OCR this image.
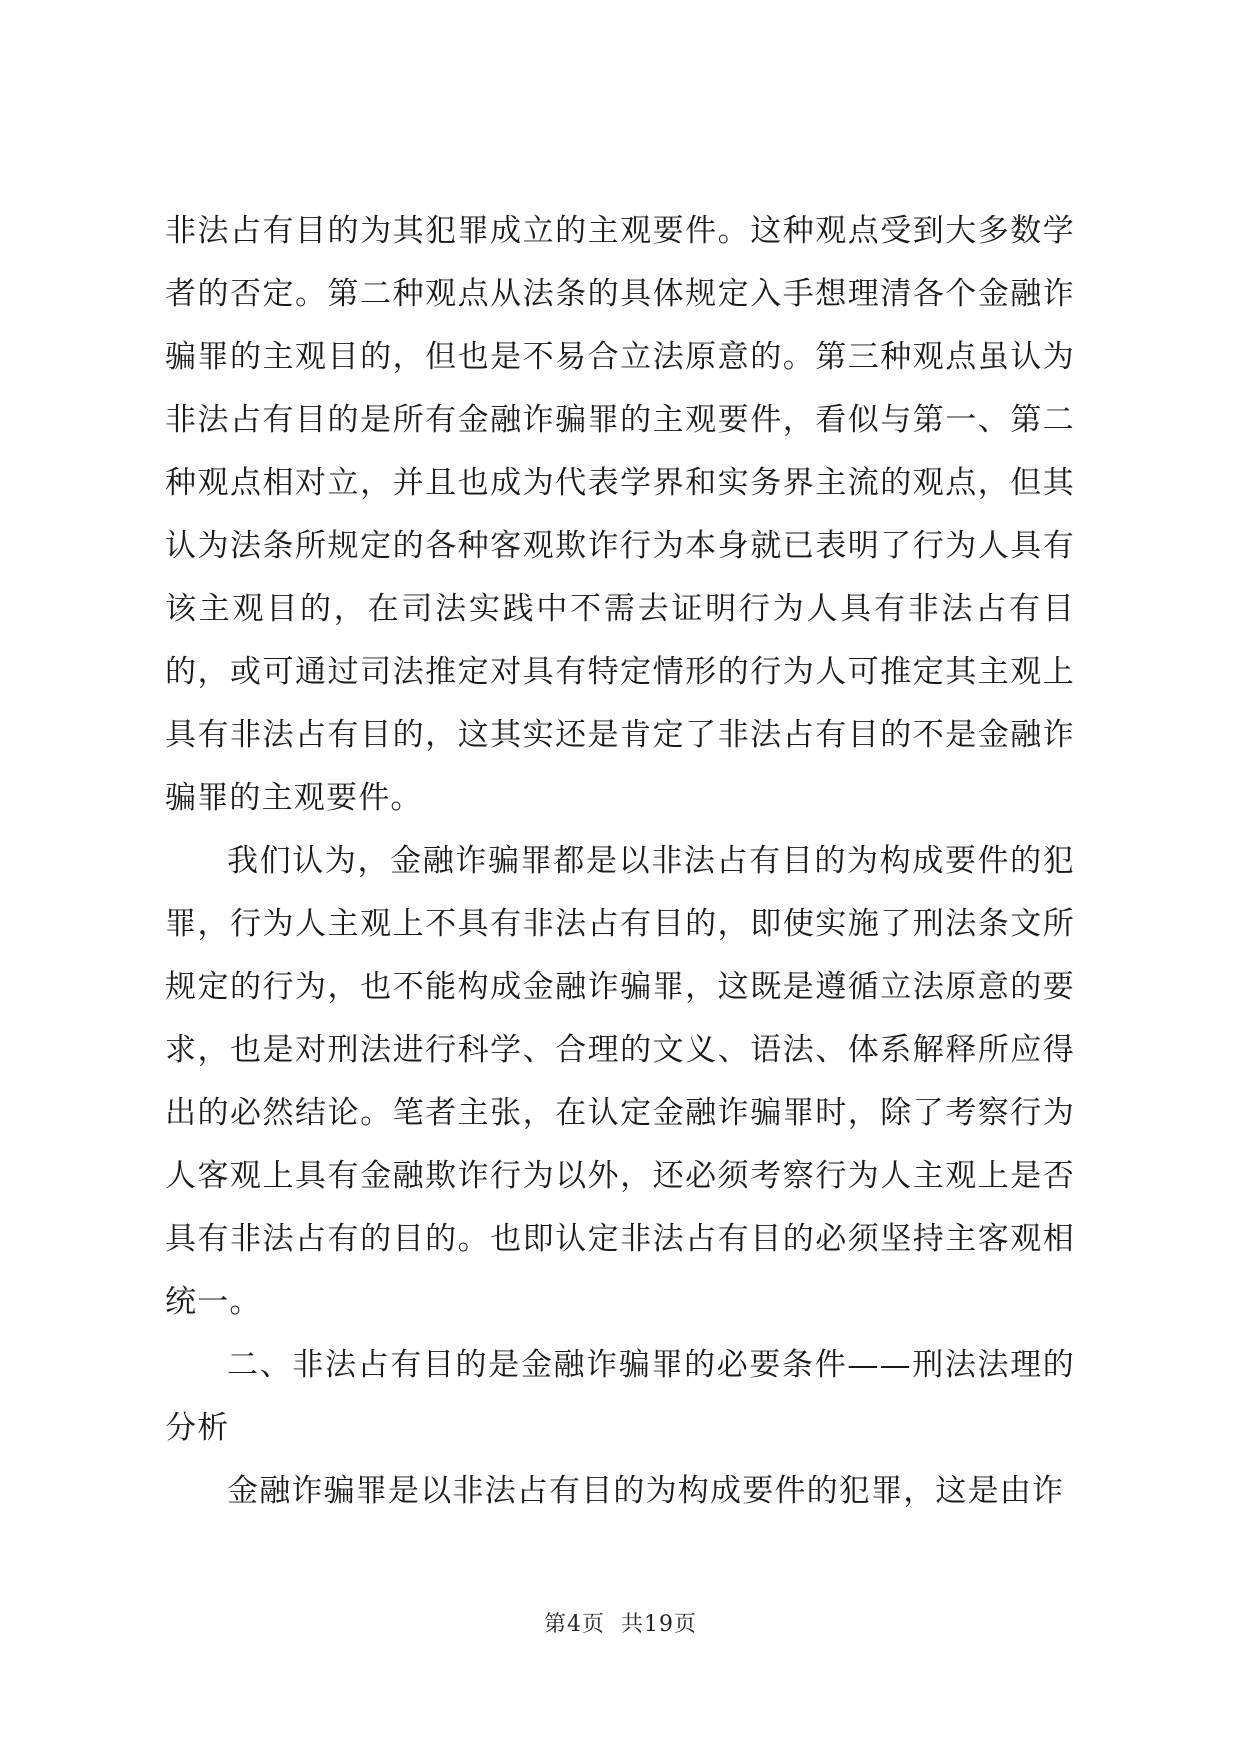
非法占有目的为其犯罪成立的主观要件。这种观点受到大多数学者的否定。第二种观点从法条的具体规定入手想理清各个金融诈骗罪的主观目的，但也是不易合立法原意的。第三种观点虽认为非法占有目的是所有金融诈骗罪的主观要件，看似与第一、第二种观点相对立，并且也成为代表学界和实务界主流的观点，但其认为法条所规定的各种客观欺诈行为本身就已表明了行为人具有该主观目的，在司法实践中不需去证明行为人具有非法占有目的，或可通过司法推定对具有特定情形的行为人可推定其主观上具有非法占有目的，这其实还是肯定了非法占有目的不是金融诈骗罪的主观要件。

我们认为，金融诈骗罪都是以非法占有目的为构成要件的犯罪，行为人主观上不具有非法占有目的，即使实施了刑法条文所规定的行为，也不能构成金融诈骗罪，这既是遵循立法原意的要求，也是对刑法进行科学、合理的文义、语法、体系解释所应得出的必然结论。笔者主张，在认定金融诈骗罪时，除了考察行为人客观上具有金融欺诈行为以外，还必须考察行为人主观上是否具有非法占有的目的。也即认定非法占有目的必须坚持主客观相统一。

二、非法占有目的是金融诈骗罪的必要条件——刑法法理的分析

金融诈骗罪是以非法占有目的为构成要件的犯罪，这是由诈

第4页 共19页
